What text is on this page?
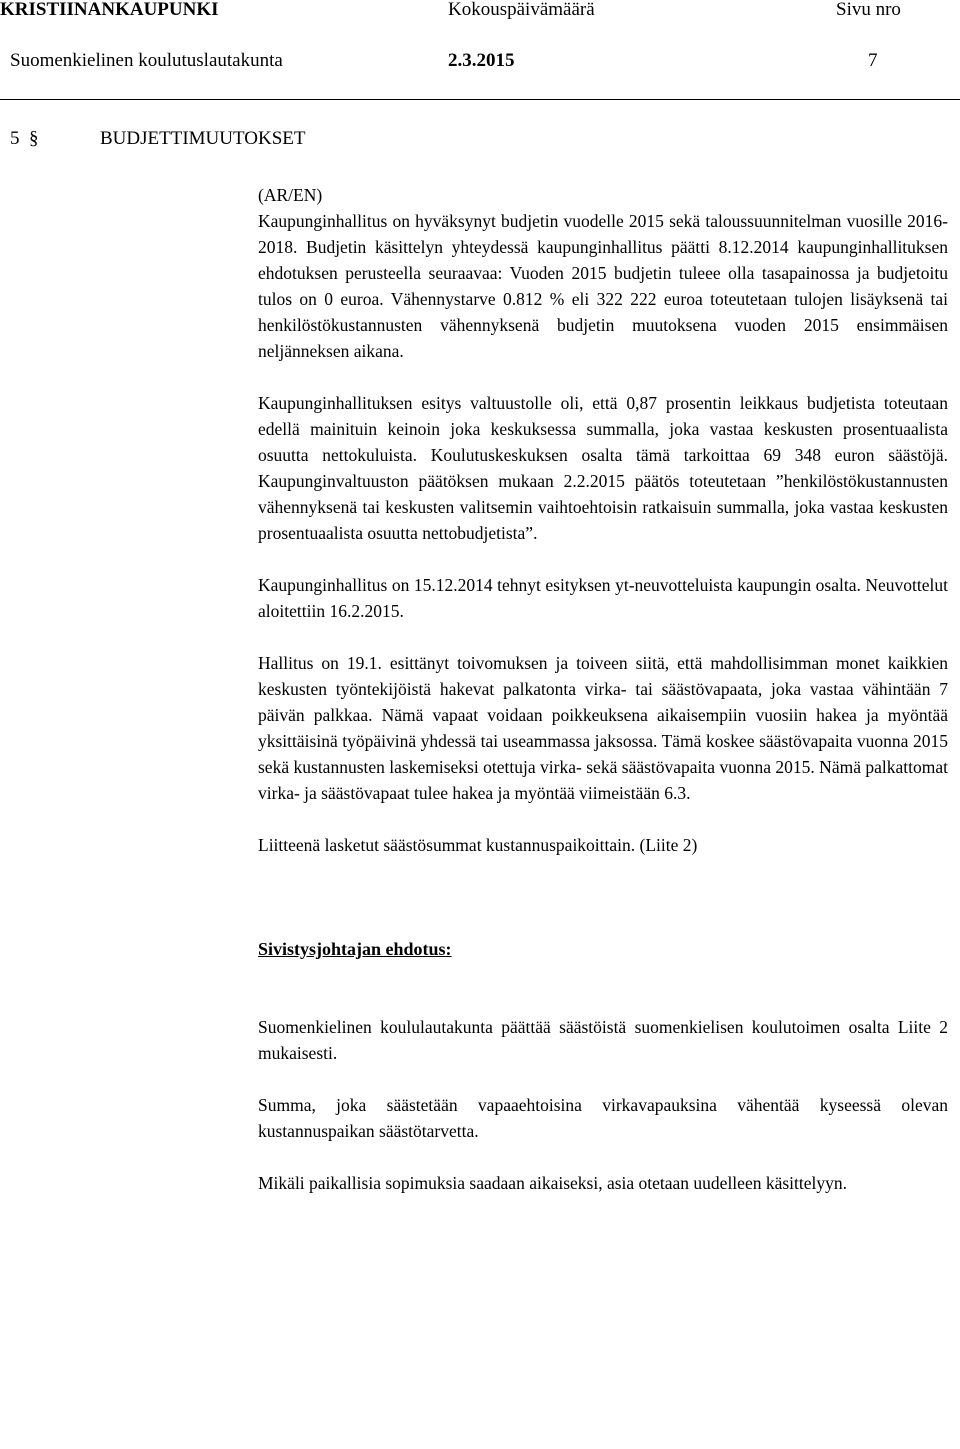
KRISTIINANKAUPUNKI	Kokouspäivämäärä	Sivu nro
Suomenkielinen koulutuslautakunta	2.3.2015	7
5 §	BUDJETTIMUUTOKSET

(AR/EN)

Kaupunginhallitus on hyväksynyt budjetin vuodelle 2015 sekä taloussuunnitelman vuosille 2016-2018. Budjetin käsittelyn yhteydessä kaupunginhallitus päätti 8.12.2014 kaupunginhallituksen ehdotuksen perusteella seuraavaa: Vuoden 2015 budjetin tuleee olla tasapainossa ja budjetoitu tulos on 0 euroa. Vähennystarve 0.812 % eli 322 222 euroa toteutetaan tulojen lisäyksenä tai henkilöstökustannusten vähennyksenä budjetin muutoksena vuoden 2015 ensimmäisen neljänneksen aikana.

Kaupunginhallituksen esitys valtuustolle oli, että 0,87 prosentin leikkaus budjetista toteutaan edellä mainituin keinoin joka keskuksessa summalla, joka vastaa keskusten prosentuaalista osuutta nettokuluista. Koulutuskeskuksen osalta tämä tarkoittaa 69 348 euron säästöjä. Kaupunginvaltuuston päätöksen mukaan 2.2.2015 päätös toteutetaan ”henkilöstökustannusten vähennyksenä tai keskusten valitsemin vaihtoehtoisin ratkaisuin summalla, joka vastaa keskusten prosentuaalista osuutta nettobudjetista”.

Kaupunginhallitus on 15.12.2014 tehnyt esityksen yt-neuvotteluista kaupungin osalta. Neuvottelut aloitettiin 16.2.2015.

Hallitus on 19.1. esittänyt toivomuksen ja toiveen siitä, että mahdollisimman monet kaikkien keskusten työntekijöistä hakevat palkatonta virka- tai säästövapaata, joka vastaa vähintään 7 päivän palkkaa. Nämä vapaat voidaan poikkeuksena aikaisempiin vuosiin hakea ja myöntää yksittäisinä työpäivinä yhdessä tai useammassa jaksossa. Tämä koskee säästövapaita vuonna 2015 sekä kustannusten laskemiseksi otettuja virka- sekä säästövapaita vuonna 2015. Nämä palkattomat virka- ja säästövapaat tulee hakea ja myöntää viimeistään 6.3.

Liitteenä lasketut säästösummat kustannuspaikoittain. (Liite 2)

Sivistysjohtajan ehdotus:

Suomenkielinen koululautakunta päättää säästöistä suomenkielisen koulutoimen osalta Liite 2 mukaisesti.

Summa, joka säästetään vapaaehtoisina virkavapauksina vähentää kyseessä olevan kustannuspaikan säästötarvetta.

Mikäli paikallisia sopimuksia saadaan aikaiseksi, asia otetaan uudelleen käsittelyyn.
